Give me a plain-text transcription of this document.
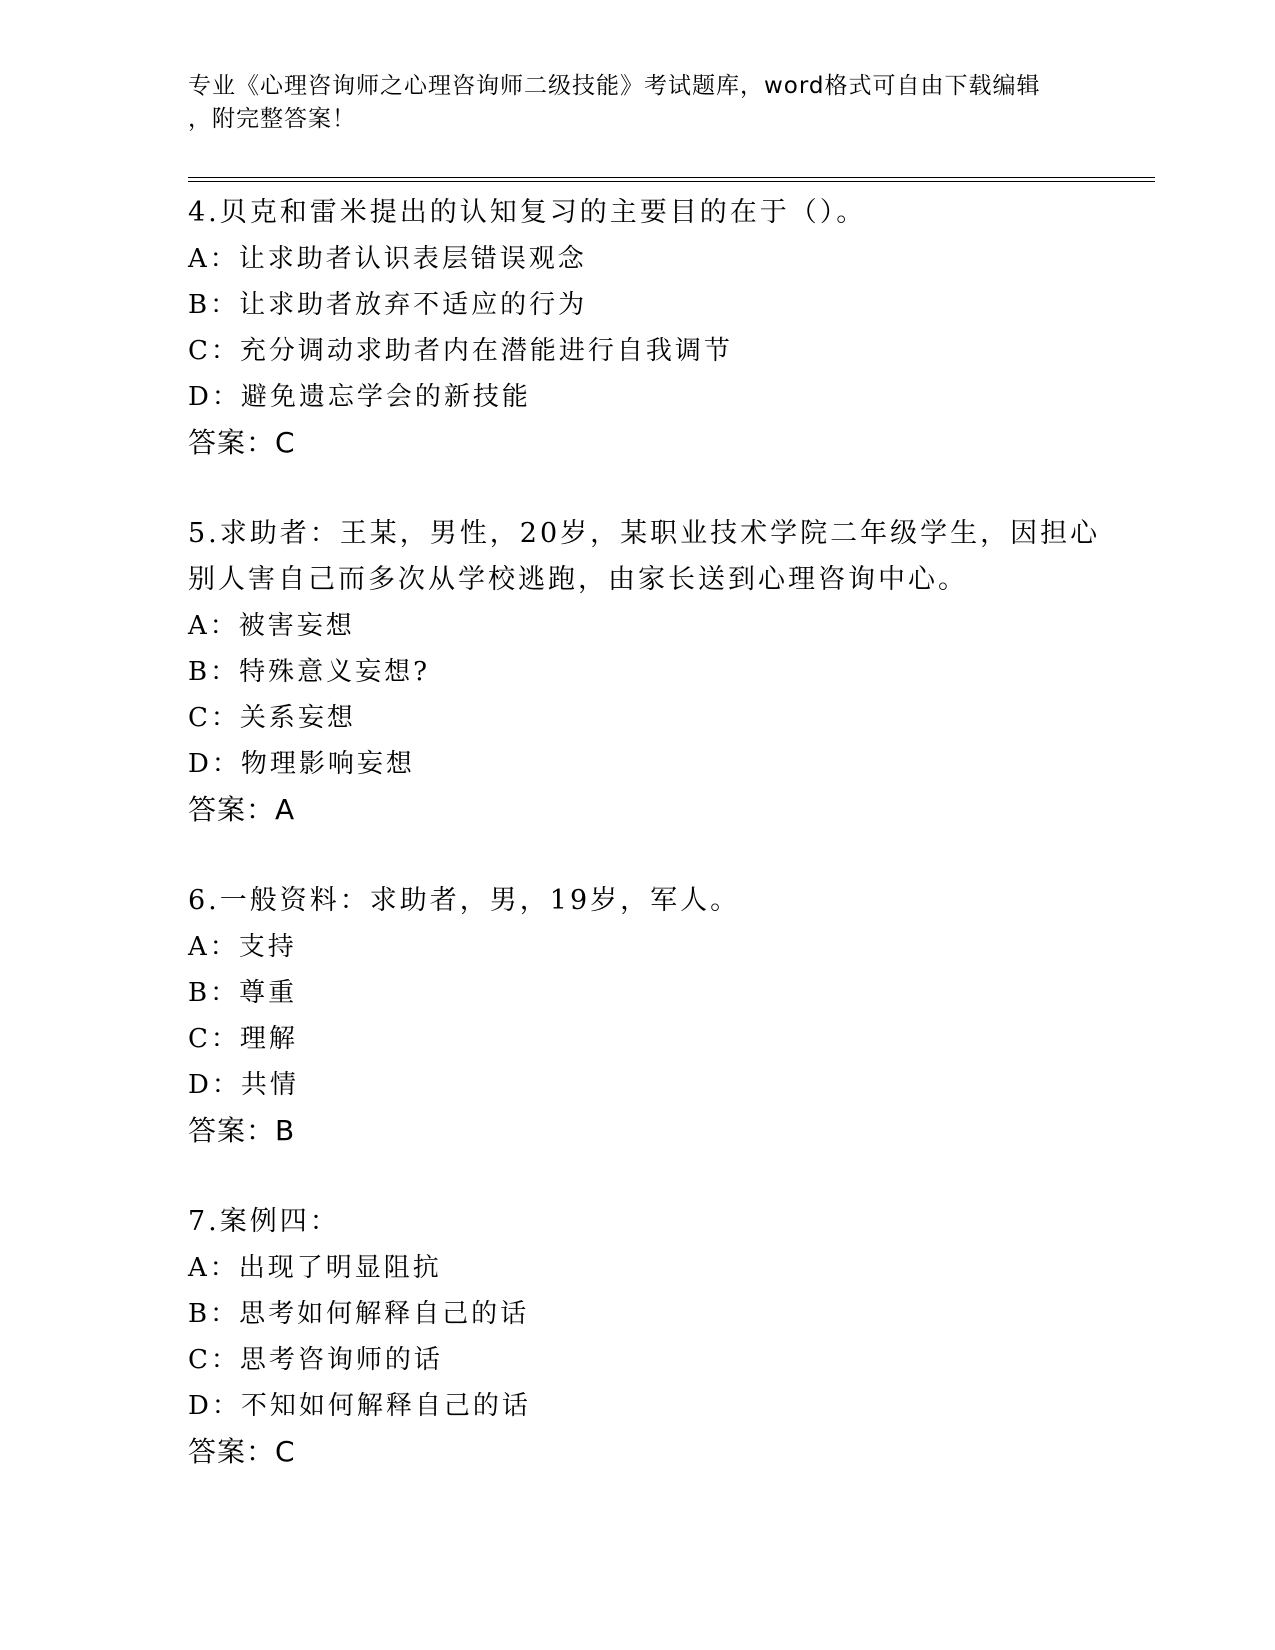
专业《心理咨询师之心理咨询师二级技能》考试题库，word格式可自由下载编辑
，附完整答案！
4.贝克和雷米提出的认知复习的主要目的在于（）。
A：让求助者认识表层错误观念
B：让求助者放弃不适应的行为
C：充分调动求助者内在潜能进行自我调节
D：避免遗忘学会的新技能
答案：C
5.求助者：王某，男性，20岁，某职业技术学院二年级学生，因担心
别人害自己而多次从学校逃跑，由家长送到心理咨询中心。
A：被害妄想
B：特殊意义妄想?
C：关系妄想
D：物理影响妄想
答案：A
6.一般资料：求助者，男，19岁，军人。
A：支持
B：尊重
C：理解
D：共情
答案：B
7.案例四：
A：出现了明显阻抗
B：思考如何解释自己的话
C：思考咨询师的话
D：不知如何解释自己的话
答案：C
